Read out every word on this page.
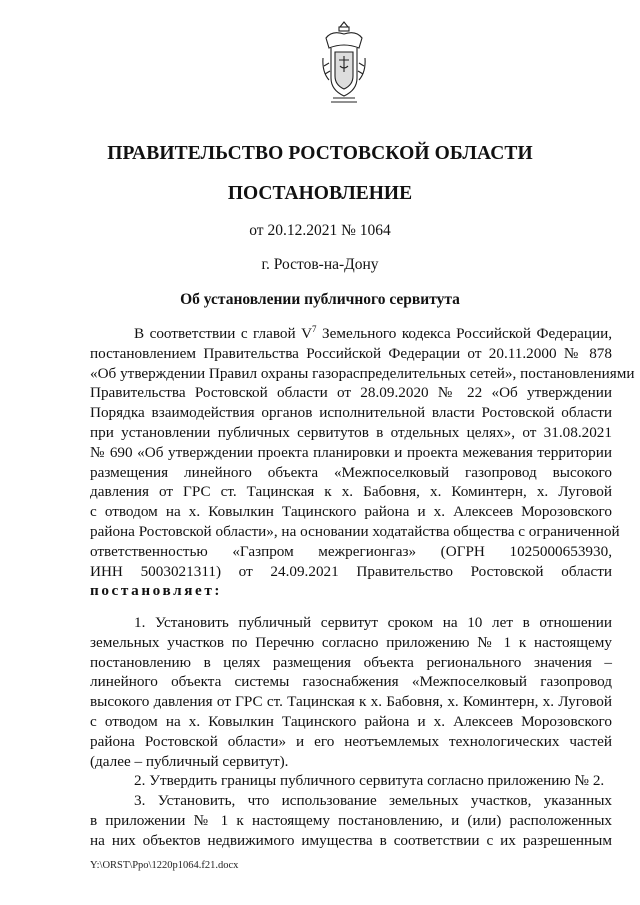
ПРАВИТЕЛЬСТВО РОСТОВСКОЙ ОБЛАСТИ
ПОСТАНОВЛЕНИЕ
от 20.12.2021 № 1064
г. Ростов-на-Дону
Об установлении публичного сервитута
В соответствии с главой $V^7$ Земельного кодекса Российской Федерации,
постановлением Правительства Российской Федерации от 20.11.2000 № 878
«Об утверждении Правил охраны газораспределительных сетей», постановлениями
Правительства Ростовской области от 28.09.2020 № 22 «Об утверждении
Порядка взаимодействия органов исполнительной власти Ростовской области
при установлении публичных сервитутов в отдельных целях», от 31.08.2021
№ 690 «Об утверждении проекта планировки и проекта межевания территории
размещения линейного объекта «Межпоселковый газопровод высокого
давления от ГРС ст. Тацинская к х. Бабовня, х. Коминтерн, х. Луговой
с отводом на х. Ковылкин Тацинского района и х. Алексеев Морозовского
района Ростовской области», на основании ходатайства общества с ограниченной
ответственностью «Газпром межрегионгаз» (ОГРН 1025000653930,
ИНН 5003021311) от 24.09.2021 Правительство Ростовской области
постановляет:
1. Установить публичный сервитут сроком на 10 лет в отношении
земельных участков по Перечню согласно приложению № 1 к настоящему
постановлению в целях размещения объекта регионального значения –
линейного объекта системы газоснабжения «Межпоселковый газопровод
высокого давления от ГРС ст. Тацинская к х. Бабовня, х. Коминтерн, х. Луговой
с отводом на х. Ковылкин Тацинского района и х. Алексеев Морозовского
района Ростовской области» и его неотъемлемых технологических частей
(далее – публичный сервитут).
2. Утвердить границы публичного сервитута согласно приложению № 2.
3. Установить, что использование земельных участков, указанных
в приложении № 1 к настоящему постановлению, и (или) расположенных
на них объектов недвижимого имущества в соответствии с их разрешенным
Y:\ORST\Ppo\1220p1064.f21.docx
